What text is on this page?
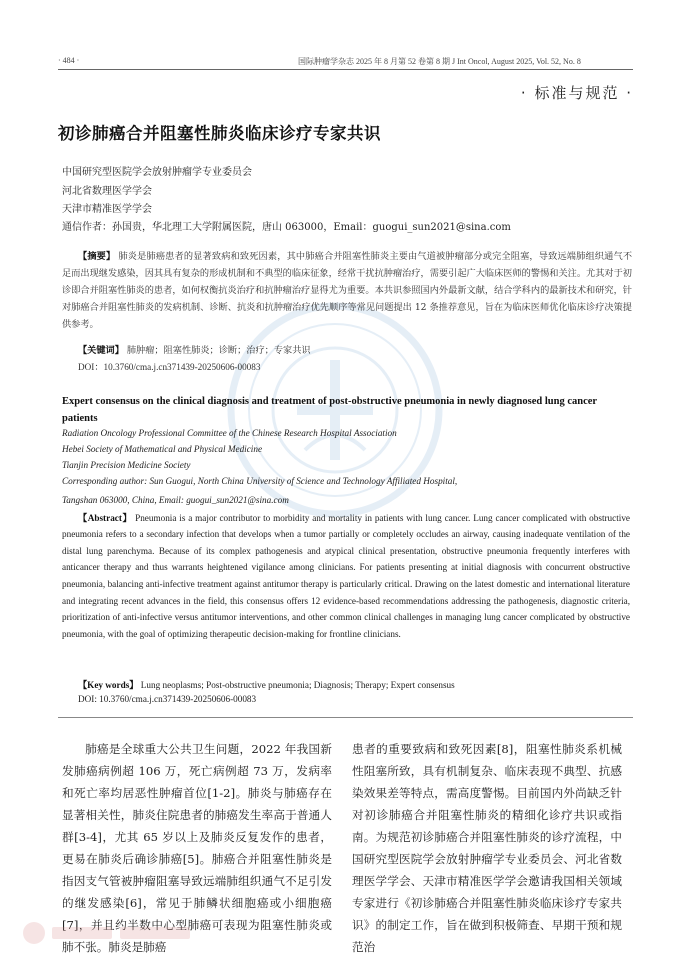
· 484 ·	国际肿瘤学杂志 2025 年 8 月第 52 卷第 8 期 J Int Oncol, August 2025, Vol. 52, No. 8
· 标准与规范 ·
初诊肺癌合并阻塞性肺炎临床诊疗专家共识
中国研究型医院学会放射肿瘤学专业委员会
河北省数理医学学会
天津市精准医学学会
通信作者：孙国贵，华北理工大学附属医院，唐山 063000，Email：guogui_sun2021@sina.com
【摘要】 肺炎是肺癌患者的显著致病和致死因素，其中肺癌合并阻塞性肺炎主要由气道被肿瘤部分或完全阻塞，导致远端肺组织通气不足而出现继发感染，因其具有复杂的形成机制和不典型的临床征象，经常干扰抗肿瘤治疗，需要引起广大临床医师的警惕和关注。尤其对于初诊即合并阻塞性肺炎的患者，如何权衡抗炎治疗和抗肿瘤治疗显得尤为重要。本共识参照国内外最新文献，结合学科内的最新技术和研究，针对肺癌合并阻塞性肺炎的发病机制、诊断、抗炎和抗肿瘤治疗优先顺序等常见问题提出 12 条推荐意见，旨在为临床医师优化临床诊疗决策提供参考。
【关键词】 肺肿瘤；阻塞性肺炎；诊断；治疗；专家共识
DOI：10.3760/cma.j.cn371439-20250606-00083
Expert consensus on the clinical diagnosis and treatment of post-obstructive pneumonia in newly diagnosed lung cancer patients
Radiation Oncology Professional Committee of the Chinese Research Hospital Association
Hebei Society of Mathematical and Physical Medicine
Tianjin Precision Medicine Society
Corresponding author: Sun Guogui, North China University of Science and Technology Affiliated Hospital,
Tangshan 063000, China, Email: guogui_sun2021@sina.com
【Abstract】 Pneumonia is a major contributor to morbidity and mortality in patients with lung cancer. Lung cancer complicated with obstructive pneumonia refers to a secondary infection that develops when a tumor partially or completely occludes an airway, causing inadequate ventilation of the distal lung parenchyma. Because of its complex pathogenesis and atypical clinical presentation, obstructive pneumonia frequently interferes with anticancer therapy and thus warrants heightened vigilance among clinicians. For patients presenting at initial diagnosis with concurrent obstructive pneumonia, balancing anti-infective treatment against antitumor therapy is particularly critical. Drawing on the latest domestic and international literature and integrating recent advances in the field, this consensus offers 12 evidence-based recommendations addressing the pathogenesis, diagnostic criteria, prioritization of anti-infective versus antitumor interventions, and other common clinical challenges in managing lung cancer complicated by obstructive pneumonia, with the goal of optimizing therapeutic decision-making for frontline clinicians.
【Key words】 Lung neoplasms; Post-obstructive pneumonia; Diagnosis; Therapy; Expert consensus
DOI: 10.3760/cma.j.cn371439-20250606-00083
肺癌是全球重大公共卫生问题，2022 年我国新发肺癌病例超 106 万，死亡病例超 73 万，发病率和死亡率均居恶性肿瘤首位[1-2]。肺炎与肺癌存在显著相关性，肺炎住院患者的肺癌发生率高于普通人群[3-4]，尤其 65 岁以上及肺炎反复发作的患者，更易在肺炎后确诊肺癌[5]。肺癌合并阻塞性肺炎是指因支气管被肿瘤阻塞导致远端肺组织通气不足引发的继发感染[6]，常见于肺鳞状细胞癌或小细胞癌[7]，并且约半数中心型肺癌可表现为阻塞性肺炎或肺不张。肺炎是肺癌
患者的重要致病和致死因素[8]，阻塞性肺炎系机械性阻塞所致，具有机制复杂、临床表现不典型、抗感染效果差等特点，需高度警惕。目前国内外尚缺乏针对初诊肺癌合并阻塞性肺炎的精细化诊疗共识或指南。为规范初诊肺癌合并阻塞性肺炎的诊疗流程，中国研究型医院学会放射肿瘤学专业委员会、河北省数理医学学会、天津市精准医学学会邀请我国相关领域专家进行《初诊肺癌合并阻塞性肺炎临床诊疗专家共识》的制定工作，旨在做到积极筛查、早期干预和规范治
